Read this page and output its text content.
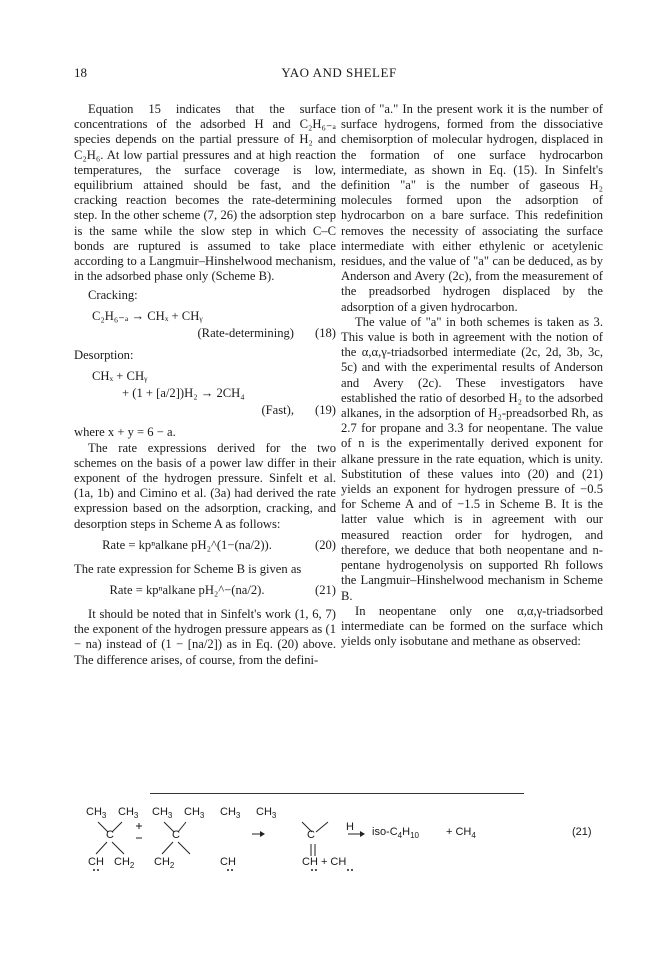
18	YAO AND SHELEF

Equation 15 indicates that the surface concentrations of the adsorbed H and C₂H₆₋ₐ species depends on the partial pressure of H₂ and C₂H₆. At low partial pressures and at high reaction temperatures, the surface coverage is low, equilibrium attained should be fast, and the cracking reaction becomes the rate-determining step. In the other scheme (7, 26) the adsorption step is the same while the slow step in which C–C bonds are ruptured is assumed to take place according to a Langmuir–Hinshelwood mechanism, in the adsorbed phase only (Scheme B).

Cracking:
C₂H₆₋ₐ → CHₓ + CHᵧ
(Rate-determining)	(18)
Desorption:
CHₓ + CHᵧ
+ (1 + [a/2])H₂ → 2CH₄
(Fast),	(19)

where x + y = 6 − a.

The rate expressions derived for the two schemes on the basis of a power law differ in their exponent of the hydrogen pressure. Sinfelt et al. (1a, 1b) and Cimino et al. (3a) had derived the rate expression based on the adsorption, cracking, and desorption steps in Scheme A as follows:

Rate = kpⁿalkane pH₂^(1−(na/2)).	(20)

The rate expression for Scheme B is given as

Rate = kpⁿalkane pH₂^−(na/2).	(21)

It should be noted that in Sinfelt's work (1, 6, 7) the exponent of the hydrogen pressure appears as (1 − na) instead of (1 − [na/2]) as in Eq. (20) above. The difference arises, of course, from the defini-

tion of "a." In the present work it is the number of surface hydrogens, formed from the dissociative chemisorption of molecular hydrogen, displaced in the formation of one surface hydrocarbon intermediate, as shown in Eq. (15). In Sinfelt's definition "a" is the number of gaseous H₂ molecules formed upon the adsorption of hydrocarbon on a bare surface. This redefinition removes the necessity of associating the surface intermediate with either ethylenic or acetylenic residues, and the value of "a" can be deduced, as by Anderson and Avery (2c), from the measurement of the preadsorbed hydrogen displaced by the adsorption of a given hydrocarbon.

The value of "a" in both schemes is taken as 3. This value is both in agreement with the notion of the α,α,γ-triadsorbed intermediate (2c, 2d, 3b, 3c, 5c) and with the experimental results of Anderson and Avery (2c). These investigators have established the ratio of desorbed H₂ to the adsorbed alkanes, in the adsorption of H₂-preadsorbed Rh, as 2.7 for propane and 3.3 for neopentane. The value of n is the experimentally derived exponent for alkane pressure in the rate equation, which is unity. Substitution of these values into (20) and (21) yields an exponent for hydrogen pressure of −0.5 for Scheme A and of −1.5 in Scheme B. It is the latter value which is in agreement with our measured reaction order for hydrogen, and therefore, we deduce that both neopentane and n-pentane hydrogenolysis on supported Rh follows the Langmuir–Hinshelwood mechanism in Scheme B.

In neopentane only one α,α,γ-triadsorbed intermediate can be formed on the surface which yields only isobutane and methane as observed:

$CH_3$ $CH_3$ $CH_3$ $CH_3$ $CH_3$ $CH_3$
C	C	C
H
CH $CH_2$ $CH_2$	CH	CH + CH
iso-$C_4H_{10} + CH_4$	(21)
